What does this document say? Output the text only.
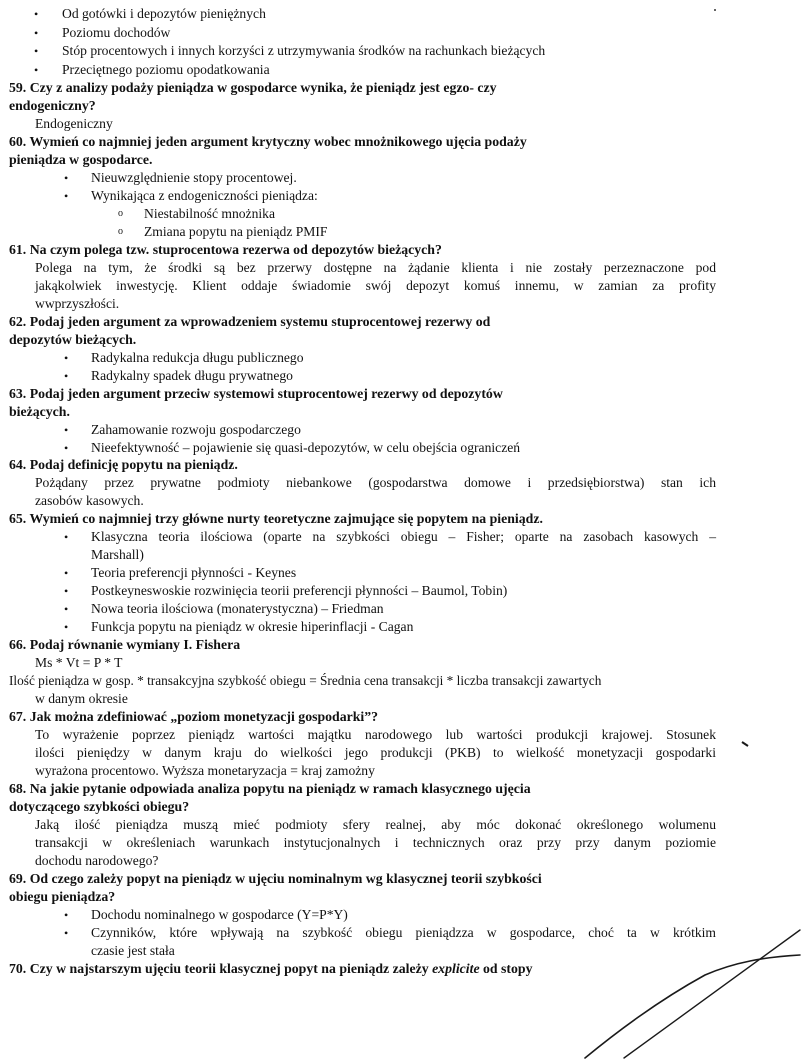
• Od gotówki i depozytów pieniężnych
• Poziomu dochodów
• Stóp procentowych i innych korzyści z utrzymywania środków na rachunkach bieżących
• Przeciętnego poziomu opodatkowania
59. Czy z analizy podaży pieniądza w gospodarce wynika, że pieniądz jest egzo- czy
endogeniczny?
Endogeniczny
60. Wymień co najmniej jeden argument krytyczny wobec mnożnikowego ujęcia podaży
pieniądza w gospodarce.
• Nieuwzględnienie stopy procentowej.
• Wynikająca z endogeniczności pieniądza:
o Niestabilność mnożnika
o Zmiana popytu na pieniądz PMIF
61. Na czym polega tzw. stuprocentowa rezerwa od depozytów bieżących?
Polega na tym, że środki są bez przerwy dostępne na żądanie klienta i nie zostały perzeznaczone pod
jakąkolwiek inwestycję. Klient oddaje świadomie swój depozyt komuś innemu, w zamian za profity
wwprzyszłości.
62. Podaj jeden argument za wprowadzeniem systemu stuprocentowej rezerwy od
depozytów bieżących.
• Radykalna redukcja długu publicznego
• Radykalny spadek długu prywatnego
63. Podaj jeden argument przeciw systemowi stuprocentowej rezerwy od depozytów
bieżących.
• Zahamowanie rozwoju gospodarczego
• Nieefektywność – pojawienie się quasi-depozytów, w celu obejścia ograniczeń
64. Podaj definicję popytu na pieniądz.
Pożądany przez prywatne podmioty niebankowe (gospodarstwa domowe i przedsiębiorstwa) stan ich
zasobów kasowych.
65. Wymień co najmniej trzy główne nurty teoretyczne zajmujące się popytem na pieniądz.
• Klasyczna teoria ilościowa (oparte na szybkości obiegu – Fisher; oparte na zasobach kasowych –
Marshall)
• Teoria preferencji płynności - Keynes
• Postkeyneswoskie rozwinięcia teorii preferencji płynności – Baumol, Tobin)
• Nowa teoria ilościowa (monaterystyczna) – Friedman
• Funkcja popytu na pieniądz w okresie hiperinflacji - Cagan
66. Podaj równanie wymiany I. Fishera
Ms * Vt = P * T
Ilość pieniądza w gosp. * transakcyjna szybkość obiegu = Średnia cena transakcji * liczba transakcji zawartych
w danym okresie
67. Jak można zdefiniować „poziom monetyzacji gospodarki”?
To wyrażenie poprzez pieniądz wartości majątku narodowego lub wartości produkcji krajowej. Stosunek
ilości pieniędzy w danym kraju do wielkości jego produkcji (PKB) to wielkość monetyzacji gospodarki
wyrażona procentowo. Wyższa monetaryzacja = kraj zamożny
68. Na jakie pytanie odpowiada analiza popytu na pieniądz w ramach klasycznego ujęcia
dotyczącego szybkości obiegu?
Jaką ilość pieniądza muszą mieć podmioty sfery realnej, aby móc dokonać określonego wolumenu
transakcji w określeniach warunkach instytucjonalnych i technicznych oraz przy przy danym poziomie
dochodu narodowego?
69. Od czego zależy popyt na pieniądz w ujęciu nominalnym wg klasycznej teorii szybkości
obiegu pieniądza?
• Dochodu nominalnego w gospodarce (Y=P*Y)
• Czynników, które wpływają na szybkość obiegu pieniądzza w gospodarce, choć ta w krótkim
czasie jest stała
70. Czy w najstarszym ujęciu teorii klasycznej popyt na pieniądz zależy explicite od stopy
